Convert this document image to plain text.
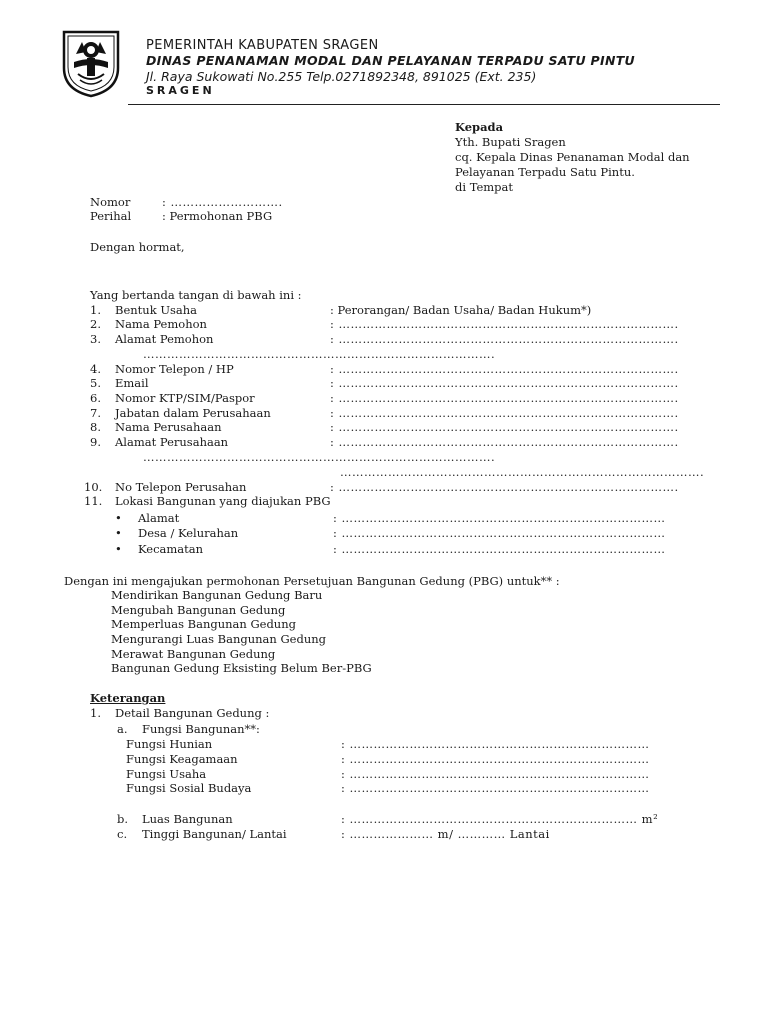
PEMERINTAH KABUPATEN SRAGEN
DINAS PENANAMAN MODAL DAN PELAYANAN TERPADU SATU PINTU
Jl. Raya Sukowati No.255 Telp.0271892348, 891025 (Ext. 235)
SRAGEN
Kepada
Yth. Bupati Sragen
cq. Kepala Dinas Penanaman Modal dan
Pelayanan Terpadu Satu Pintu.
di Tempat
Nomor	: ……………………….
Perihal	: Permohonan PBG
Dengan hormat,
Yang bertanda tangan di bawah ini :
1. Bentuk Usaha	: Perorangan/ Badan Usaha/ Badan Hukum*)
2. Nama Pemohon	: ………………………………………………………………………….
3. Alamat Pemohon	: ………………………………………………………………………….
…………………………………………………………………………….
4. Nomor Telepon / HP	: ………………………………………………………………………….
5. Email	: ………………………………………………………………………….
6. Nomor KTP/SIM/Paspor	: ………………………………………………………………………….
7. Jabatan dalam Perusahaan	: ………………………………………………………………………….
8. Nama Perusahaan	: ………………………………………………………………………….
9. Alamat Perusahaan	: ………………………………………………………………………….
…………………………………………………………………………….
……………………………………………………………………………….
10. No Telepon Perusahan	: ………………………………………………………………………….
11. Lokasi Bangunan yang diajukan PBG
• Alamat	: ………………………………………………………………………
• Desa / Kelurahan	: ………………………………………………………………………
• Kecamatan	: ………………………………………………………………………
Dengan ini mengajukan permohonan Persetujuan Bangunan Gedung (PBG) untuk** :
Mendirikan Bangunan Gedung Baru
Mengubah Bangunan Gedung
Memperluas Bangunan Gedung
Mengurangi Luas Bangunan Gedung
Merawat Bangunan Gedung
Bangunan Gedung Eksisting Belum Ber-PBG
Keterangan
1. Detail Bangunan Gedung :
a. Fungsi Bangunan**:
Fungsi Hunian	: …………………………………………………………………
Fungsi Keagamaan	: …………………………………………………………………
Fungsi Usaha	: …………………………………………………………………
Fungsi Sosial Budaya	: …………………………………………………………………
b. Luas Bangunan	: ……………………………………………………………… m²
c. Tinggi Bangunan/ Lantai	: ………………… m/ ………… Lantai
